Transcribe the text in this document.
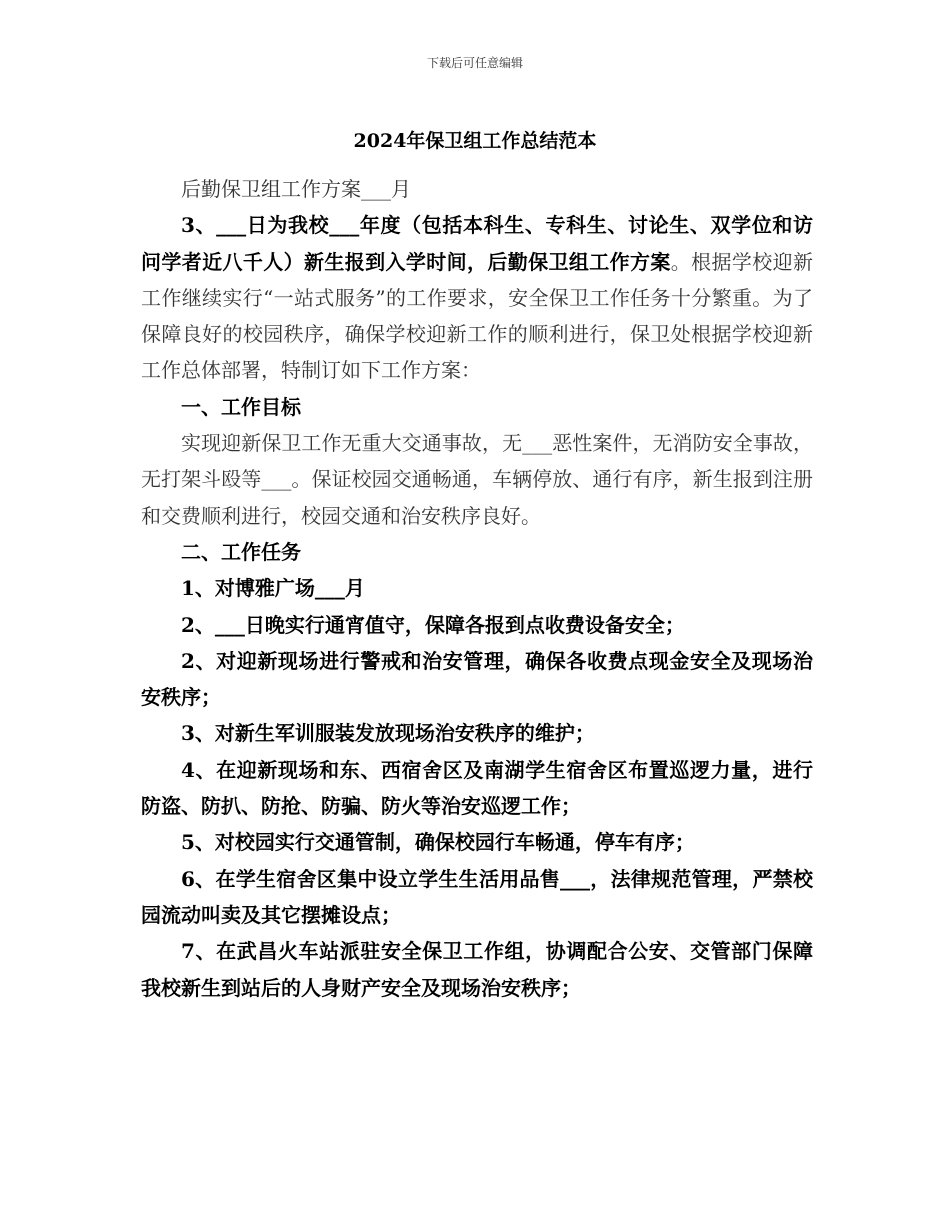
下载后可任意编辑
2024年保卫组工作总结范本

后勤保卫组工作方案___月

3、___日为我校___年度（包括本科生、专科生、讨论生、双学位和访问学者近八千人）新生报到入学时间，后勤保卫组工作方案。根据学校迎新工作继续实行“一站式服务”的工作要求，安全保卫工作任务十分繁重。为了保障良好的校园秩序，确保学校迎新工作的顺利进行，保卫处根据学校迎新工作总体部署，特制订如下工作方案：

一、工作目标

实现迎新保卫工作无重大交通事故，无___恶性案件，无消防安全事故，无打架斗殴等___。保证校园交通畅通，车辆停放、通行有序，新生报到注册和交费顺利进行，校园交通和治安秩序良好。

二、工作任务

1、对博雅广场___月

2、___日晚实行通宵值守，保障各报到点收费设备安全；

2、对迎新现场进行警戒和治安管理，确保各收费点现金安全及现场治安秩序；

3、对新生军训服装发放现场治安秩序的维护；

4、在迎新现场和东、西宿舍区及南湖学生宿舍区布置巡逻力量，进行防盗、防扒、防抢、防骗、防火等治安巡逻工作；

5、对校园实行交通管制，确保校园行车畅通，停车有序；

6、在学生宿舍区集中设立学生生活用品售___，法律规范管理，严禁校园流动叫卖及其它摆摊设点；

7、在武昌火车站派驻安全保卫工作组，协调配合公安、交管部门保障我校新生到站后的人身财产安全及现场治安秩序；
